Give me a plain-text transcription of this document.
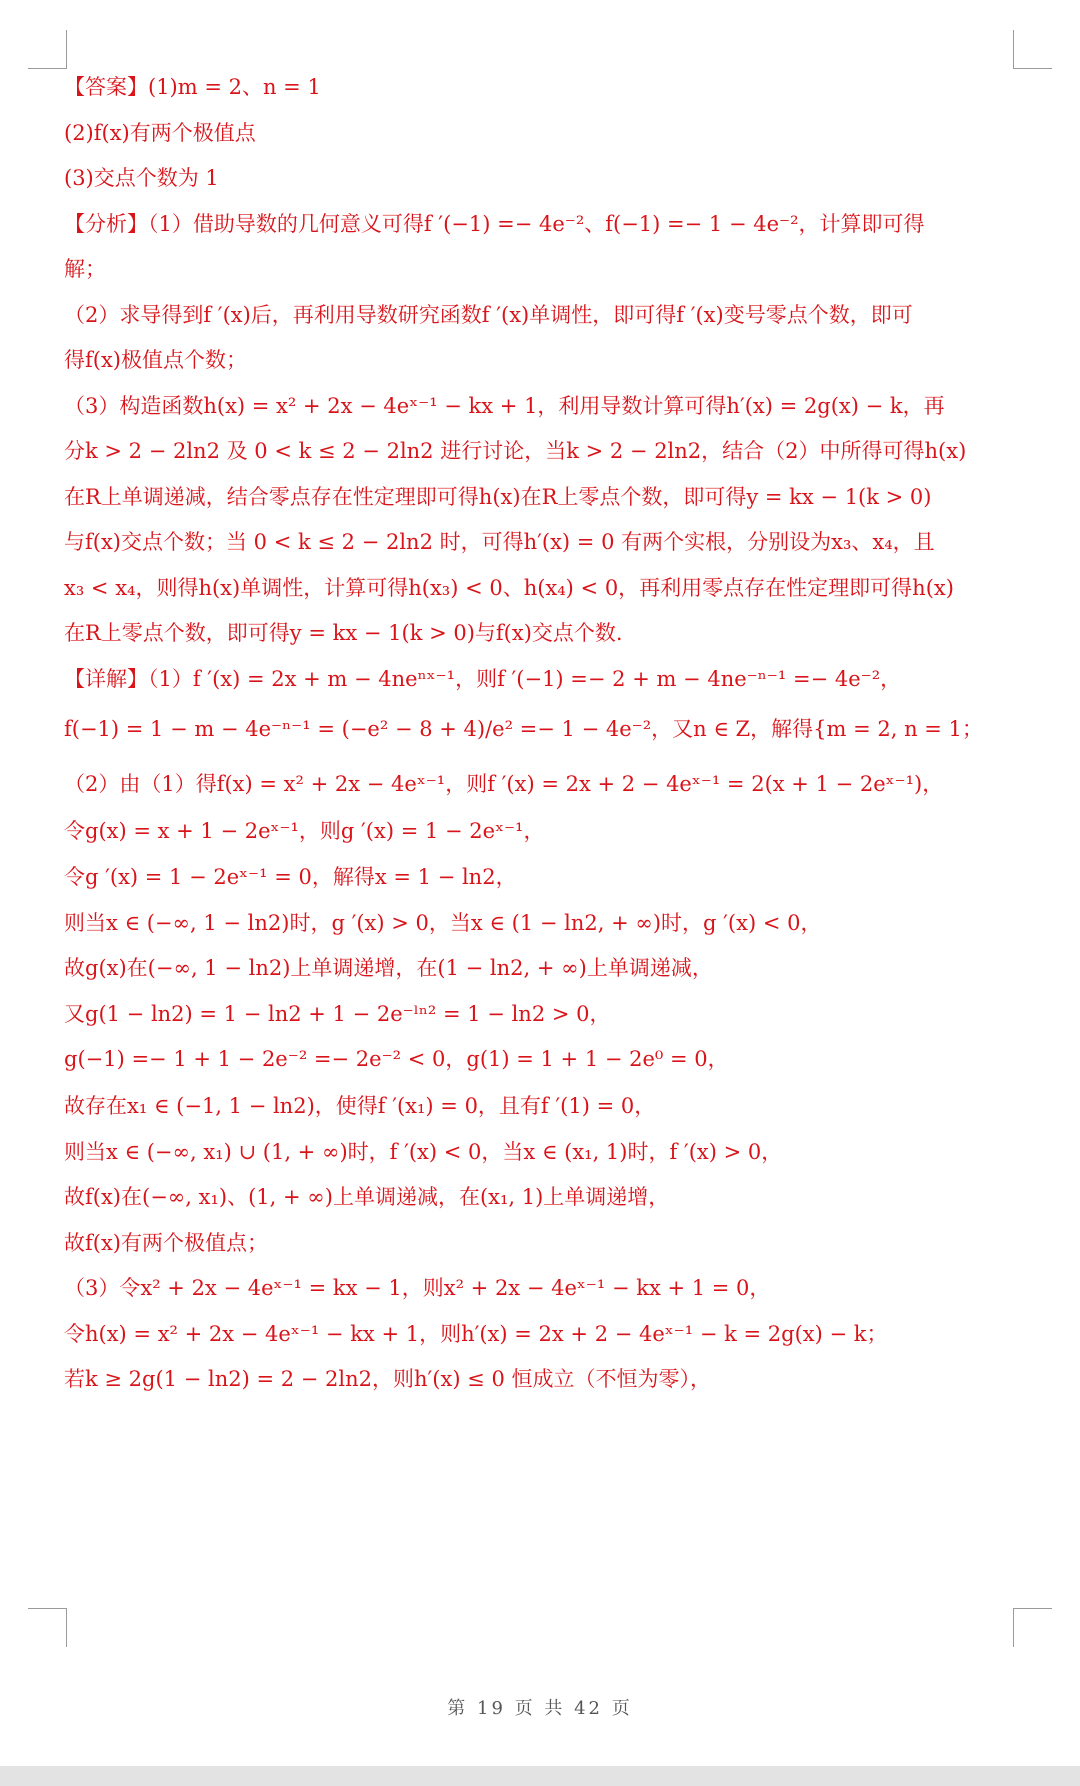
【答案】(1)m = 2、n = 1
(2)f(x)有两个极值点
(3)交点个数为 1
【分析】（1）借助导数的几何意义可得f ′(−1) =− 4e⁻²、f(−1) =− 1 − 4e⁻²，计算即可得
解；
（2）求导得到f ′(x)后，再利用导数研究函数f ′(x)单调性，即可得f ′(x)变号零点个数，即可
得f(x)极值点个数；
（3）构造函数h(x) = x² + 2x − 4eˣ⁻¹ − kx + 1，利用导数计算可得h′(x) = 2g(x) − k，再
分k > 2 − 2ln2 及 0 < k ≤ 2 − 2ln2 进行讨论，当k > 2 − 2ln2，结合（2）中所得可得h(x)
在R上单调递减，结合零点存在性定理即可得h(x)在R上零点个数，即可得y = kx − 1(k > 0)
与f(x)交点个数；当 0 < k ≤ 2 − 2ln2 时，可得h′(x) = 0 有两个实根，分别设为x₃、x₄，且
x₃ < x₄，则得h(x)单调性，计算可得h(x₃) < 0、h(x₄) < 0，再利用零点存在性定理即可得h(x)
在R上零点个数，即可得y = kx − 1(k > 0)与f(x)交点个数.
【详解】（1）f ′(x) = 2x + m − 4neⁿˣ⁻¹，则f ′(−1) =− 2 + m − 4ne⁻ⁿ⁻¹ =− 4e⁻²，
f(−1) = 1 − m − 4e⁻ⁿ⁻¹ = (−e² − 8 + 4)/e² =− 1 − 4e⁻²，又n ∈ Z，解得{m = 2, n = 1；
（2）由（1）得f(x) = x² + 2x − 4eˣ⁻¹，则f ′(x) = 2x + 2 − 4eˣ⁻¹ = 2(x + 1 − 2eˣ⁻¹)，
令g(x) = x + 1 − 2eˣ⁻¹，则g ′(x) = 1 − 2eˣ⁻¹，
令g ′(x) = 1 − 2eˣ⁻¹ = 0，解得x = 1 − ln2，
则当x ∈ (−∞, 1 − ln2)时，g ′(x) > 0，当x ∈ (1 − ln2, + ∞)时，g ′(x) < 0，
故g(x)在(−∞, 1 − ln2)上单调递增，在(1 − ln2, + ∞)上单调递减，
又g(1 − ln2) = 1 − ln2 + 1 − 2e⁻ˡⁿ² = 1 − ln2 > 0，
g(−1) =− 1 + 1 − 2e⁻² =− 2e⁻² < 0，g(1) = 1 + 1 − 2e⁰ = 0，
故存在x₁ ∈ (−1, 1 − ln2)，使得f ′(x₁) = 0，且有f ′(1) = 0，
则当x ∈ (−∞, x₁) ∪ (1, + ∞)时，f ′(x) < 0，当x ∈ (x₁, 1)时，f ′(x) > 0，
故f(x)在(−∞, x₁)、(1, + ∞)上单调递减，在(x₁, 1)上单调递增，
故f(x)有两个极值点；
（3）令x² + 2x − 4eˣ⁻¹ = kx − 1，则x² + 2x − 4eˣ⁻¹ − kx + 1 = 0，
令h(x) = x² + 2x − 4eˣ⁻¹ − kx + 1，则h′(x) = 2x + 2 − 4eˣ⁻¹ − k = 2g(x) − k；
若k ≥ 2g(1 − ln2) = 2 − 2ln2，则h′(x) ≤ 0 恒成立（不恒为零），
第 19 页 共 42 页
